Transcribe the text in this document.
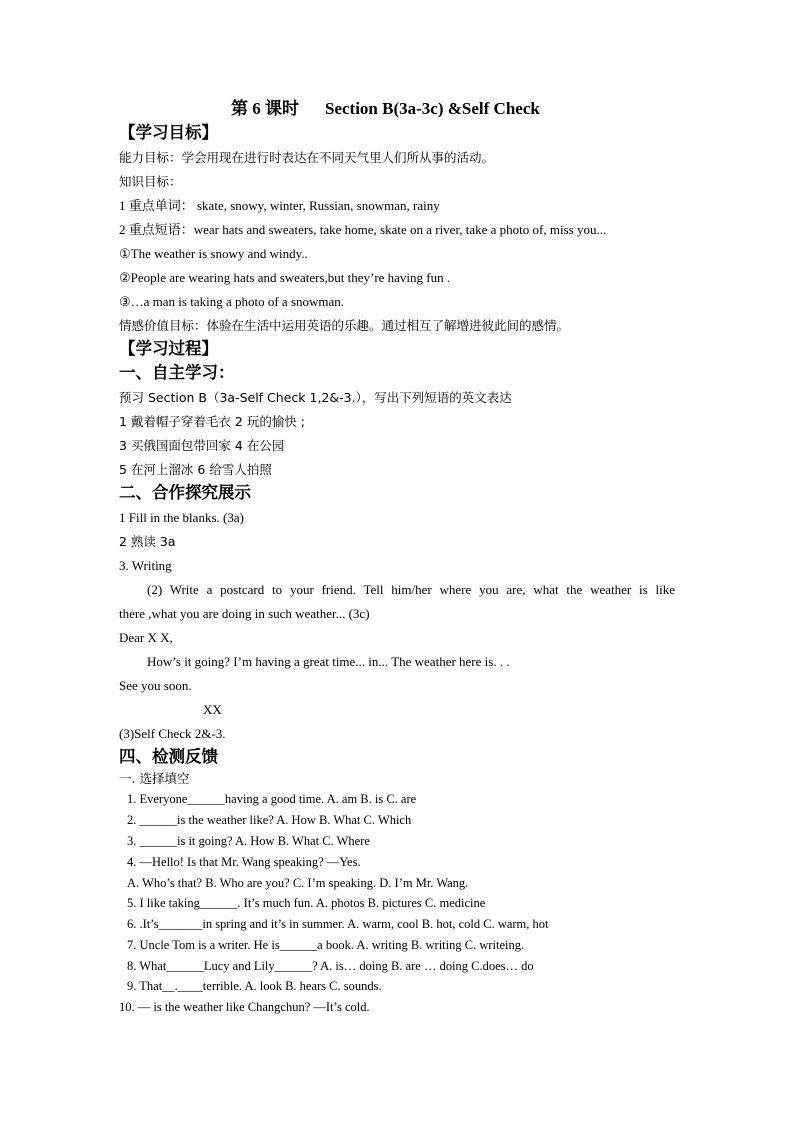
第 6 课时 Section B(3a-3c) &Self Check
【学习目标】
能力目标：学会用现在进行时表达在不同天气里人们所从事的活动。
知识目标：
1 重点单词： skate, snowy, winter, Russian, snowman, rainy
2 重点短语：wear hats and sweaters, take home, skate on a river, take a photo of, miss you...
①The weather is snowy and windy..
②People are wearing hats and sweaters,but they’re having fun .
③…a man is taking a photo of a snowman.
情感价值目标：体验在生活中运用英语的乐趣。通过相互了解增进彼此间的感情。
【学习过程】
一、自主学习：
预习 Section B（3a-Self Check 1,2&-3.），写出下列短语的英文表达
1 戴着帽子穿着毛衣 2 玩的愉快 ;
3 买俄国面包带回家 4 在公园
5 在河上溜冰 6 给雪人拍照
二、合作探究展示
1 Fill in the blanks. (3a)
2 熟读 3a
3. Writing
(2) Write a postcard to your friend. Tell him/her where you are, what the weather is like
there ,what you are doing in such weather... (3c)
Dear X X,
How’s it going? I’m having a great time... in... The weather here is. . .
See you soon.
XX
(3)Self Check 2&-3.
四、检测反馈
一. 选择填空
1. Everyone______having a good time. A. am B. is C. are
2. ______is the weather like? A. How B. What C. Which
3. ______is it going? A. How B. What C. Where
4. —Hello! Is that Mr. Wang speaking? —Yes.
A. Who’s that? B. Who are you? C. I’m speaking. D. I’m Mr. Wang.
5. I like taking______. It’s much fun. A. photos B. pictures C. medicine
6. .It’s_______in spring and it’s in summer. A. warm, cool B. hot, cold C. warm, hot
7. Uncle Tom is a writer. He is______a book. A. writing B. writing C. writeing.
8. What______Lucy and Lily______? A. is… doing B. are … doing C.does… do
9. That__.____terrible. A. look B. hears C. sounds.
10. — is the weather like Changchun? —It’s cold.
